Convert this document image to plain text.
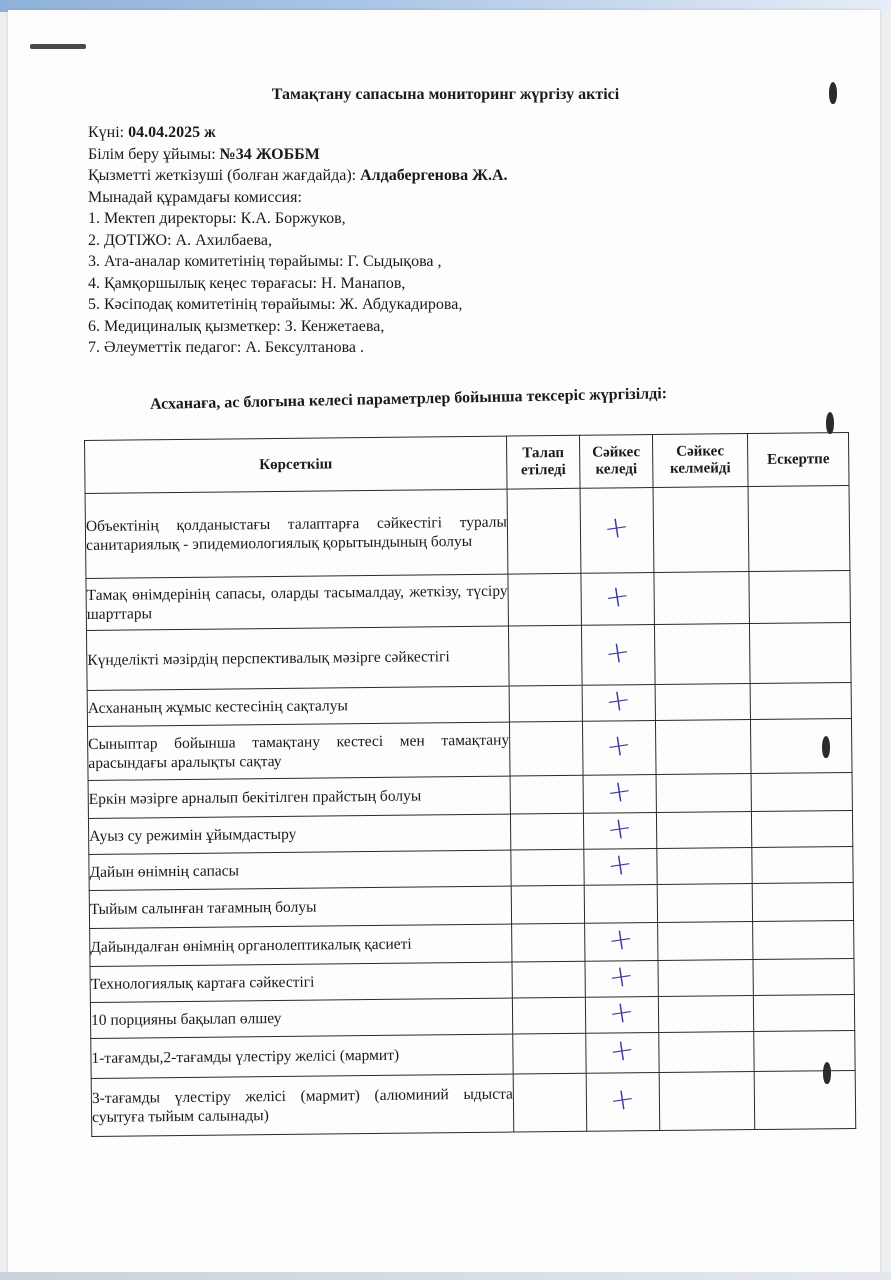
Тамақтану сапасына мониторинг жүргізу актісі
Күні: 04.04.2025 ж
Білім беру ұйымы: №34 ЖОББМ
Қызметті жеткізуші (болған жағдайда): Алдабергенова Ж.А.
Мынадай құрамдағы комиссия:
1. Мектеп директоры: К.А. Боржуков,
2. ДОТІЖО: А. Ахилбаева,
3. Ата-аналар комитетінің төрайымы: Г. Сыдықова ,
4. Қамқоршылық кеңес төрағасы: Н. Манапов,
5. Кәсіподақ комитетінің төрайымы: Ж. Абдукадирова,
6. Медициналық қызметкер: З. Кенжетаева,
7. Әлеуметтік педагог: А. Бексултанова .
Асханаға, ас блогына келесі параметрлер бойынша тексеріс жүргізілді:
Көрсеткіш	Талап етіледі	Сәйкес келеді	Сәйкес келмейді	Ескертпе
Объектінің қолданыстағы талаптарға сәйкестігі туралы санитариялық - эпидемиологиялық қорытындының болуы		+		
Тамақ өнімдерінің сапасы, оларды тасымалдау, жеткізу, түсіру шарттары		+		
Күнделікті мәзірдің перспективалық мәзірге сәйкестігі		+		
Асхананың жұмыс кестесінің сақталуы		+		
Сыныптар бойынша тамақтану кестесі мен тамақтану арасындағы аралықты сақтау		+		
Еркін мәзірге арналып бекітілген прайстың болуы		+		
Ауыз су режимін ұйымдастыру		+		
Дайын өнімнің сапасы		+		
Тыйым салынған тағамның болуы				
Дайындалған өнімнің органолептикалық қасиеті		+		
Технологиялық картаға сәйкестігі		+		
10 порцияны бақылап өлшеу		+		
1-тағамды,2-тағамды үлестіру желісі (мармит)		+		
3-тағамды үлестіру желісі (мармит) (алюминий ыдыста суытуға тыйым салынады)		+		
